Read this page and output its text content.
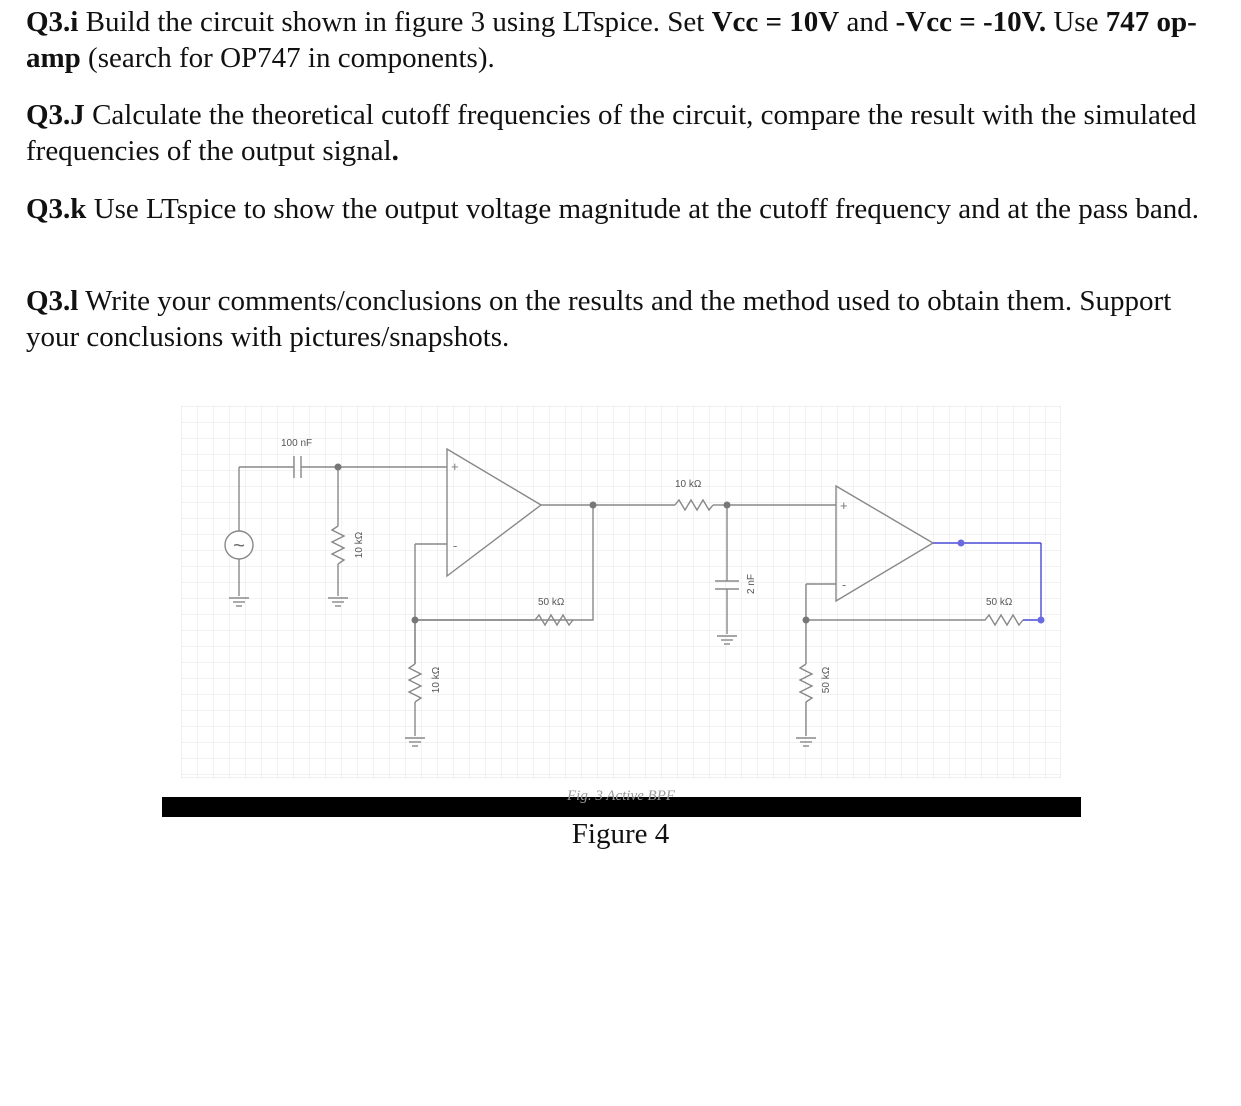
Q3.i Build the circuit shown in figure 3 using LTspice. Set Vcc = 10V and -Vcc = -10V. Use 747 op-amp (search for OP747 in components).
Q3.J Calculate the theoretical cutoff frequencies of the circuit, compare the result with the simulated frequencies of the output signal.
Q3.k Use LTspice to show the output voltage magnitude at the cutoff frequency and at the pass band.
Q3.l Write your comments/conclusions on the results and the method used to obtain them. Support your conclusions with pictures/snapshots.
~
+
-
+
-
100 nF
10 kΩ
50 kΩ
10 kΩ
10 kΩ
2 nF
50 kΩ
50 kΩ
Fig. 3 Active BPF
Figure 4
